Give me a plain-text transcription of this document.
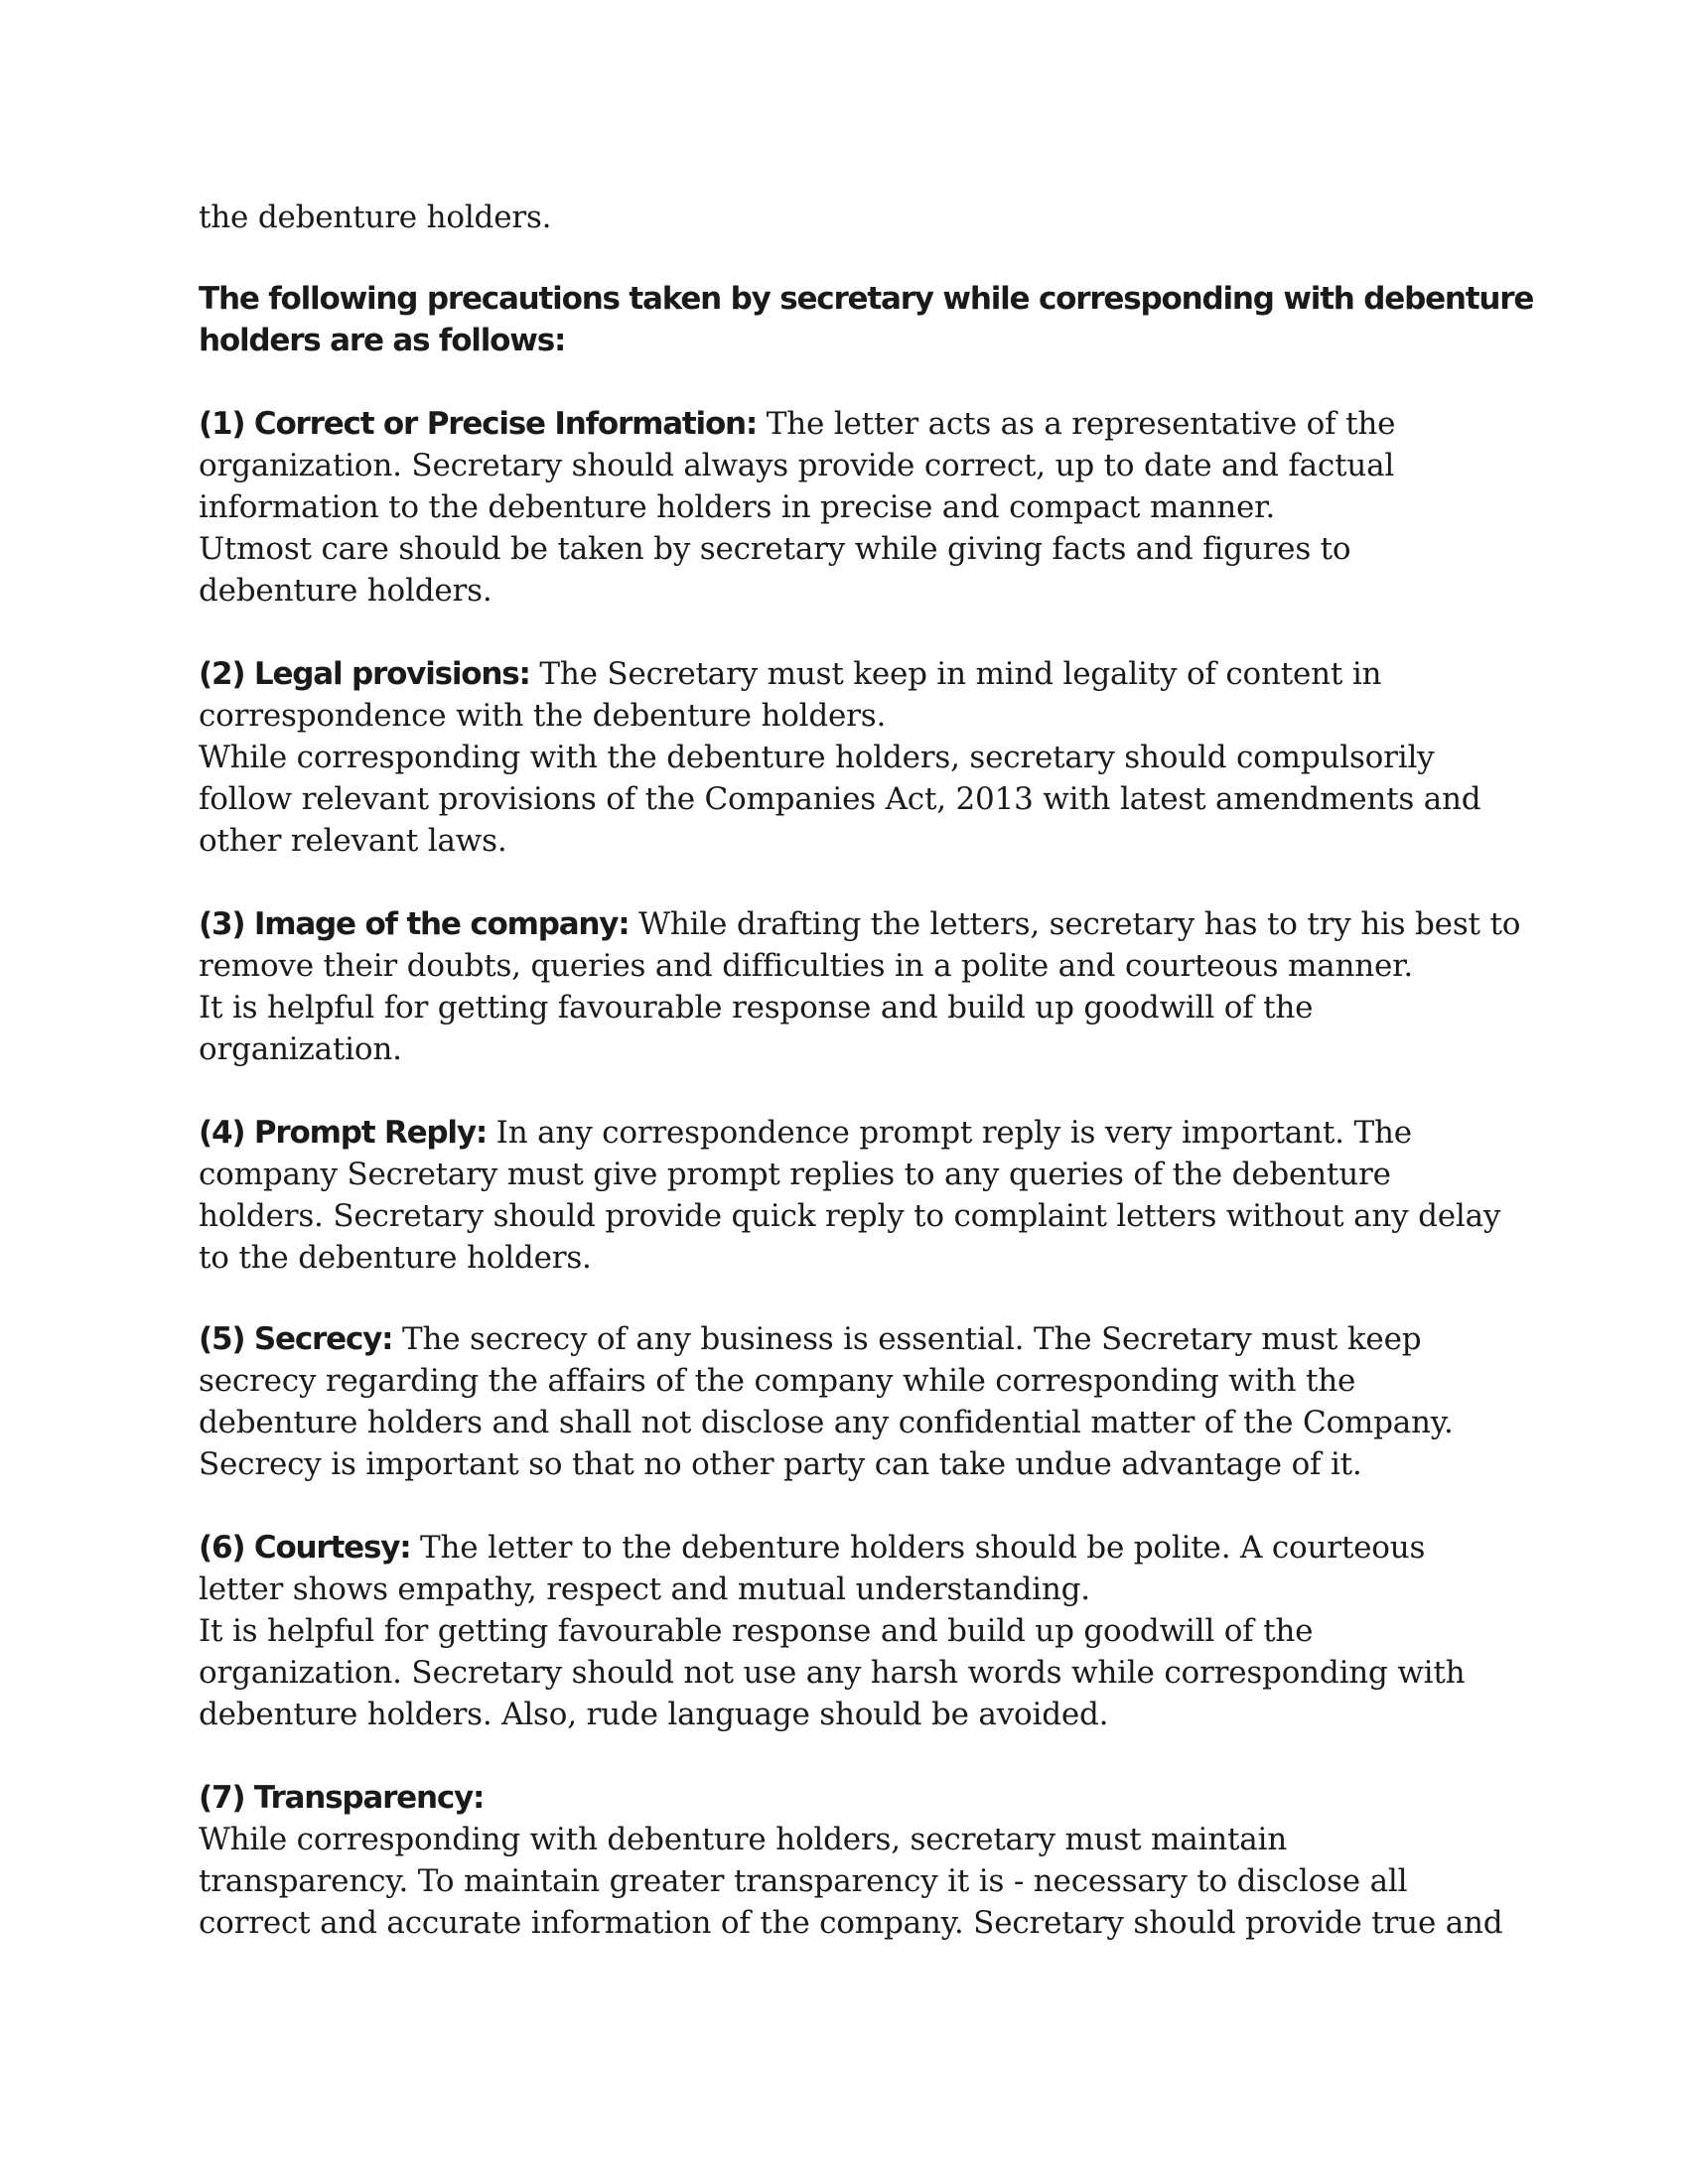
the debenture holders.
The following precautions taken by secretary while corresponding with debenture
holders are as follows:
(1) Correct or Precise Information: The letter acts as a representative of the
organization. Secretary should always provide correct, up to date and factual
information to the debenture holders in precise and compact manner.
Utmost care should be taken by secretary while giving facts and figures to
debenture holders.
(2) Legal provisions: The Secretary must keep in mind legality of content in
correspondence with the debenture holders.
While corresponding with the debenture holders, secretary should compulsorily
follow relevant provisions of the Companies Act, 2013 with latest amendments and
other relevant laws.
(3) Image of the company: While drafting the letters, secretary has to try his best to
remove their doubts, queries and difficulties in a polite and courteous manner.
It is helpful for getting favourable response and build up goodwill of the
organization.
(4) Prompt Reply: In any correspondence prompt reply is very important. The
company Secretary must give prompt replies to any queries of the debenture
holders. Secretary should provide quick reply to complaint letters without any delay
to the debenture holders.
(5) Secrecy: The secrecy of any business is essential. The Secretary must keep
secrecy regarding the affairs of the company while corresponding with the
debenture holders and shall not disclose any confidential matter of the Company.
Secrecy is important so that no other party can take undue advantage of it.
(6) Courtesy: The letter to the debenture holders should be polite. A courteous
letter shows empathy, respect and mutual understanding.
It is helpful for getting favourable response and build up goodwill of the
organization. Secretary should not use any harsh words while corresponding with
debenture holders. Also, rude language should be avoided.
(7) Transparency:
While corresponding with debenture holders, secretary must maintain
transparency. To maintain greater transparency it is - necessary to disclose all
correct and accurate information of the company. Secretary should provide true and
